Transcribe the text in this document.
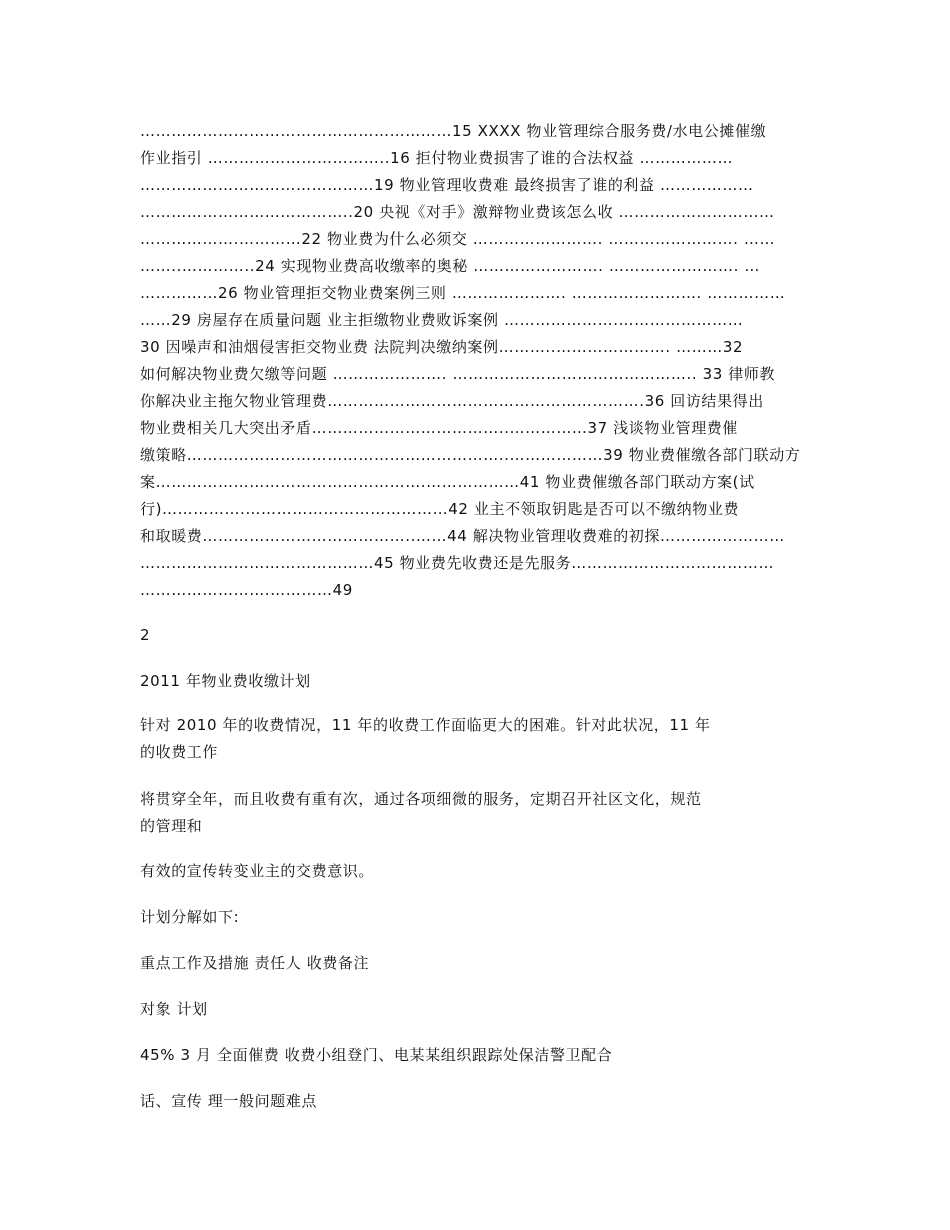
……………………………………………………15 XXXX 物业管理综合服务费/水电公摊催缴
作业指引 ……………………………..16 拒付物业费损害了谁的合法权益 ………………
………………………………………19 物业管理收费难 最终损害了谁的利益 ………………
…………………………………..20 央视《对手》激辩物业费该怎么收 …………………………
……………….…………22 物业费为什么必须交 ……………………. ……………………. ……
……..…………..24 实现物业费高收缴率的奥秘 ……………………. ……………………. …
……………26 物业管理拒交物业费案例三则 …………………. ……………………. ……………
……29 房屋存在质量问题 业主拒缴物业费败诉案例 ………………….……………………
30 因噪声和油烟侵害拒交物业费 法院判决缴纳案例………..…………………. ………32
如何解决物业费欠缴等问题 …………………. ……………………………………….. 33 律师教
你解决业主拖欠物业管理费…………………………………………………….36 回访结果得出
物业费相关几大突出矛盾………………………………..……………37 浅谈物业管理费催
缴策略……………………………………………………..………………39 物业费催缴各部门联动方
案…………………………………………….………………41 物业费催缴各部门联动方案(试
行)…………….…………………………………42 业主不领取钥匙是否可以不缴纳物业费
和取暖费…………………………………..……44 解决物业管理收费难的初探……………………
………………………………………45 物业费先收费还是先服务…………………………………
…………………….…………49
2

2011 年物业费收缴计划

针对 2010 年的收费情况，11 年的收费工作面临更大的困难。针对此状况，11 年

的收费工作

将贯穿全年，而且收费有重有次，通过各项细微的服务，定期召开社区文化，规范

的管理和

有效的宣传转变业主的交费意识。

计划分解如下:

重点工作及措施 责任人 收费备注

对象 计划

45% 3 月 全面催费 收费小组登门、电某某组织跟踪处保洁警卫配合

话、宣传 理一般问题难点
